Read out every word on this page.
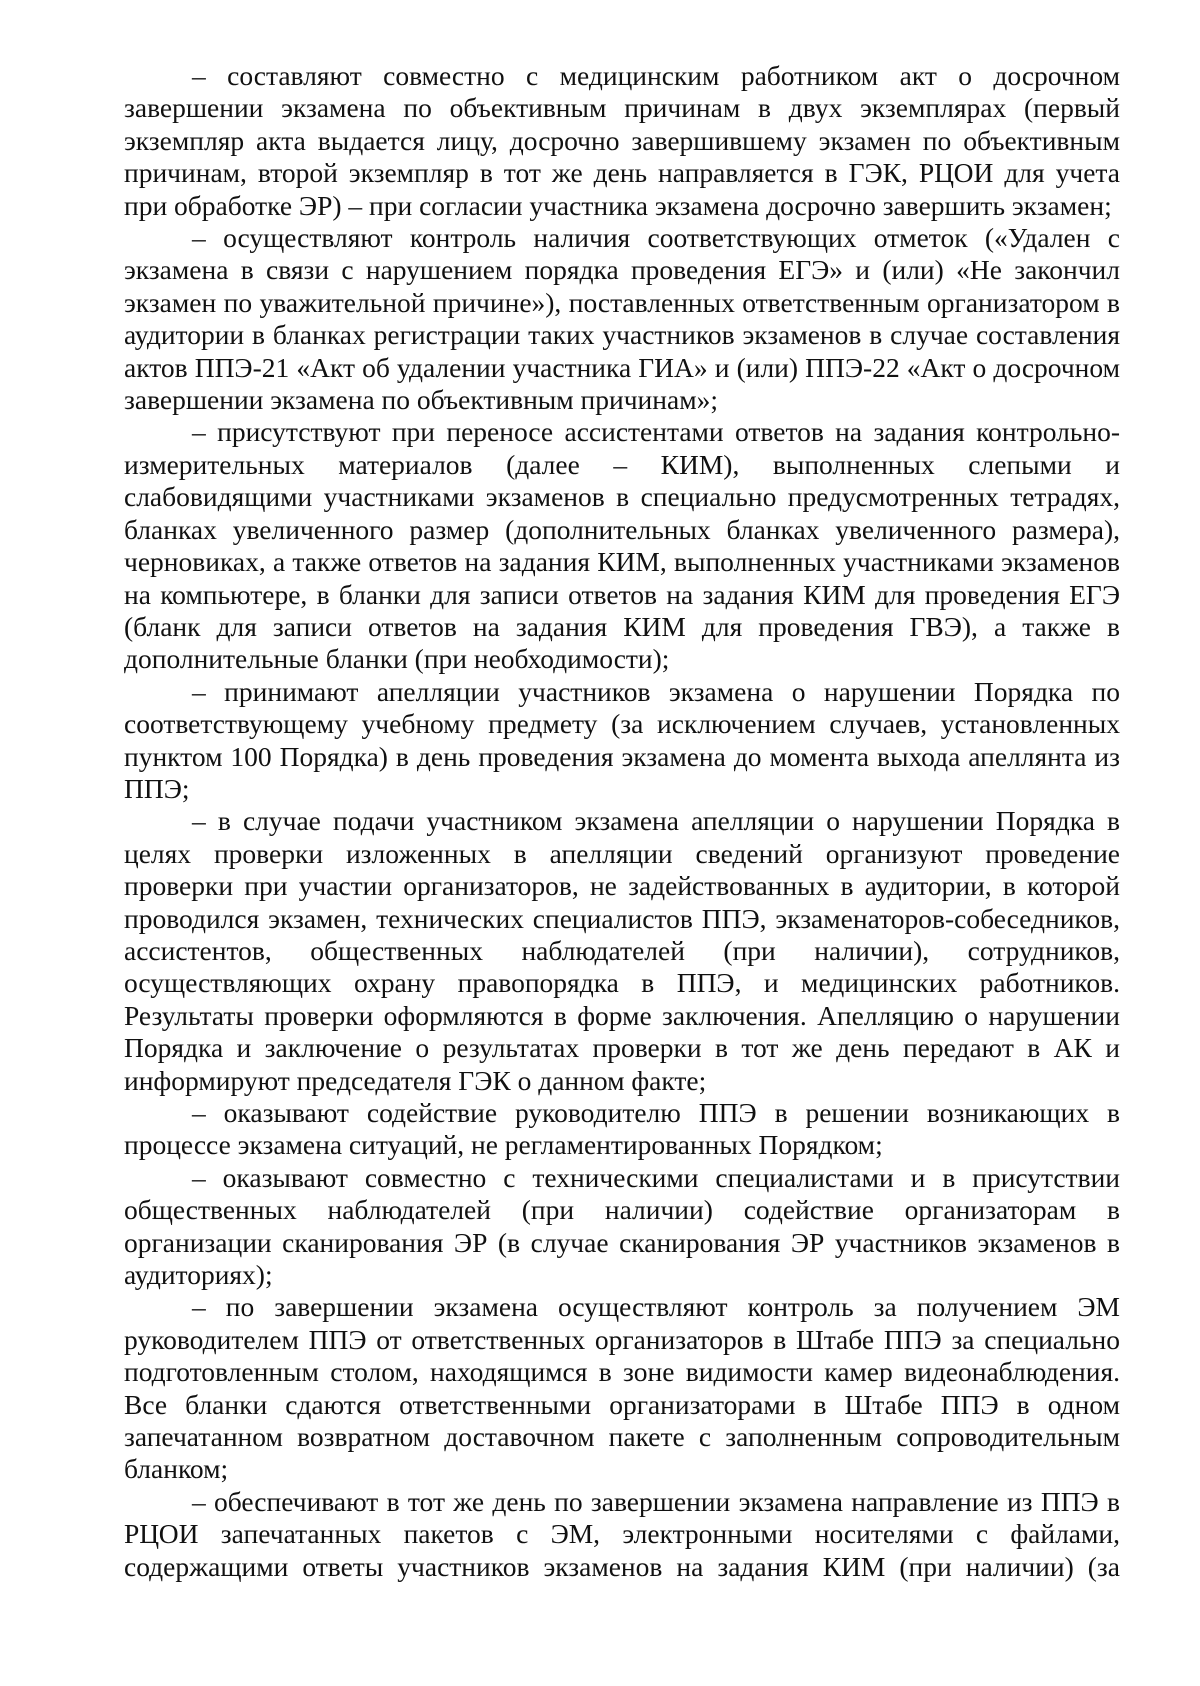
– составляют совместно с медицинским работником акт о досрочном завершении экзамена по объективным причинам в двух экземплярах (первый экземпляр акта выдается лицу, досрочно завершившему экзамен по объективным причинам, второй экземпляр в тот же день направляется в ГЭК, РЦОИ для учета при обработке ЭР) – при согласии участника экзамена досрочно завершить экзамен;

– осуществляют контроль наличия соответствующих отметок («Удален с экзамена в связи с нарушением порядка проведения ЕГЭ» и (или) «Не закончил экзамен по уважительной причине»), поставленных ответственным организатором в аудитории в бланках регистрации таких участников экзаменов в случае составления актов ППЭ-21 «Акт об удалении участника ГИА» и (или) ППЭ-22 «Акт о досрочном завершении экзамена по объективным причинам»;

– присутствуют при переносе ассистентами ответов на задания контрольно-измерительных материалов (далее – КИМ), выполненных слепыми и слабовидящими участниками экзаменов в специально предусмотренных тетрадях, бланках увеличенного размер (дополнительных бланках увеличенного размера), черновиках, а также ответов на задания КИМ, выполненных участниками экзаменов на компьютере, в бланки для записи ответов на задания КИМ для проведения ЕГЭ (бланк для записи ответов на задания КИМ для проведения ГВЭ), а также в дополнительные бланки (при необходимости);

– принимают апелляции участников экзамена о нарушении Порядка по соответствующему учебному предмету (за исключением случаев, установленных пунктом 100 Порядка) в день проведения экзамена до момента выхода апеллянта из ППЭ;

– в случае подачи участником экзамена апелляции о нарушении Порядка в целях проверки изложенных в апелляции сведений организуют проведение проверки при участии организаторов, не задействованных в аудитории, в которой проводился экзамен, технических специалистов ППЭ, экзаменаторов-собеседников, ассистентов, общественных наблюдателей (при наличии), сотрудников, осуществляющих охрану правопорядка в ППЭ, и медицинских работников. Результаты проверки оформляются в форме заключения. Апелляцию о нарушении Порядка и заключение о результатах проверки в тот же день передают в АК и информируют председателя ГЭК о данном факте;

– оказывают содействие руководителю ППЭ в решении возникающих в процессе экзамена ситуаций, не регламентированных Порядком;

– оказывают совместно с техническими специалистами и в присутствии общественных наблюдателей (при наличии) содействие организаторам в организации сканирования ЭР (в случае сканирования ЭР участников экзаменов в аудиториях);

– по завершении экзамена осуществляют контроль за получением ЭМ руководителем ППЭ от ответственных организаторов в Штабе ППЭ за специально подготовленным столом, находящимся в зоне видимости камер видеонаблюдения. Все бланки сдаются ответственными организаторами в Штабе ППЭ в одном запечатанном возвратном доставочном пакете с заполненным сопроводительным бланком;

– обеспечивают в тот же день по завершении экзамена направление из ППЭ в РЦОИ запечатанных пакетов с ЭМ, электронными носителями с файлами, содержащими ответы участников экзаменов на задания КИМ (при наличии) (за
